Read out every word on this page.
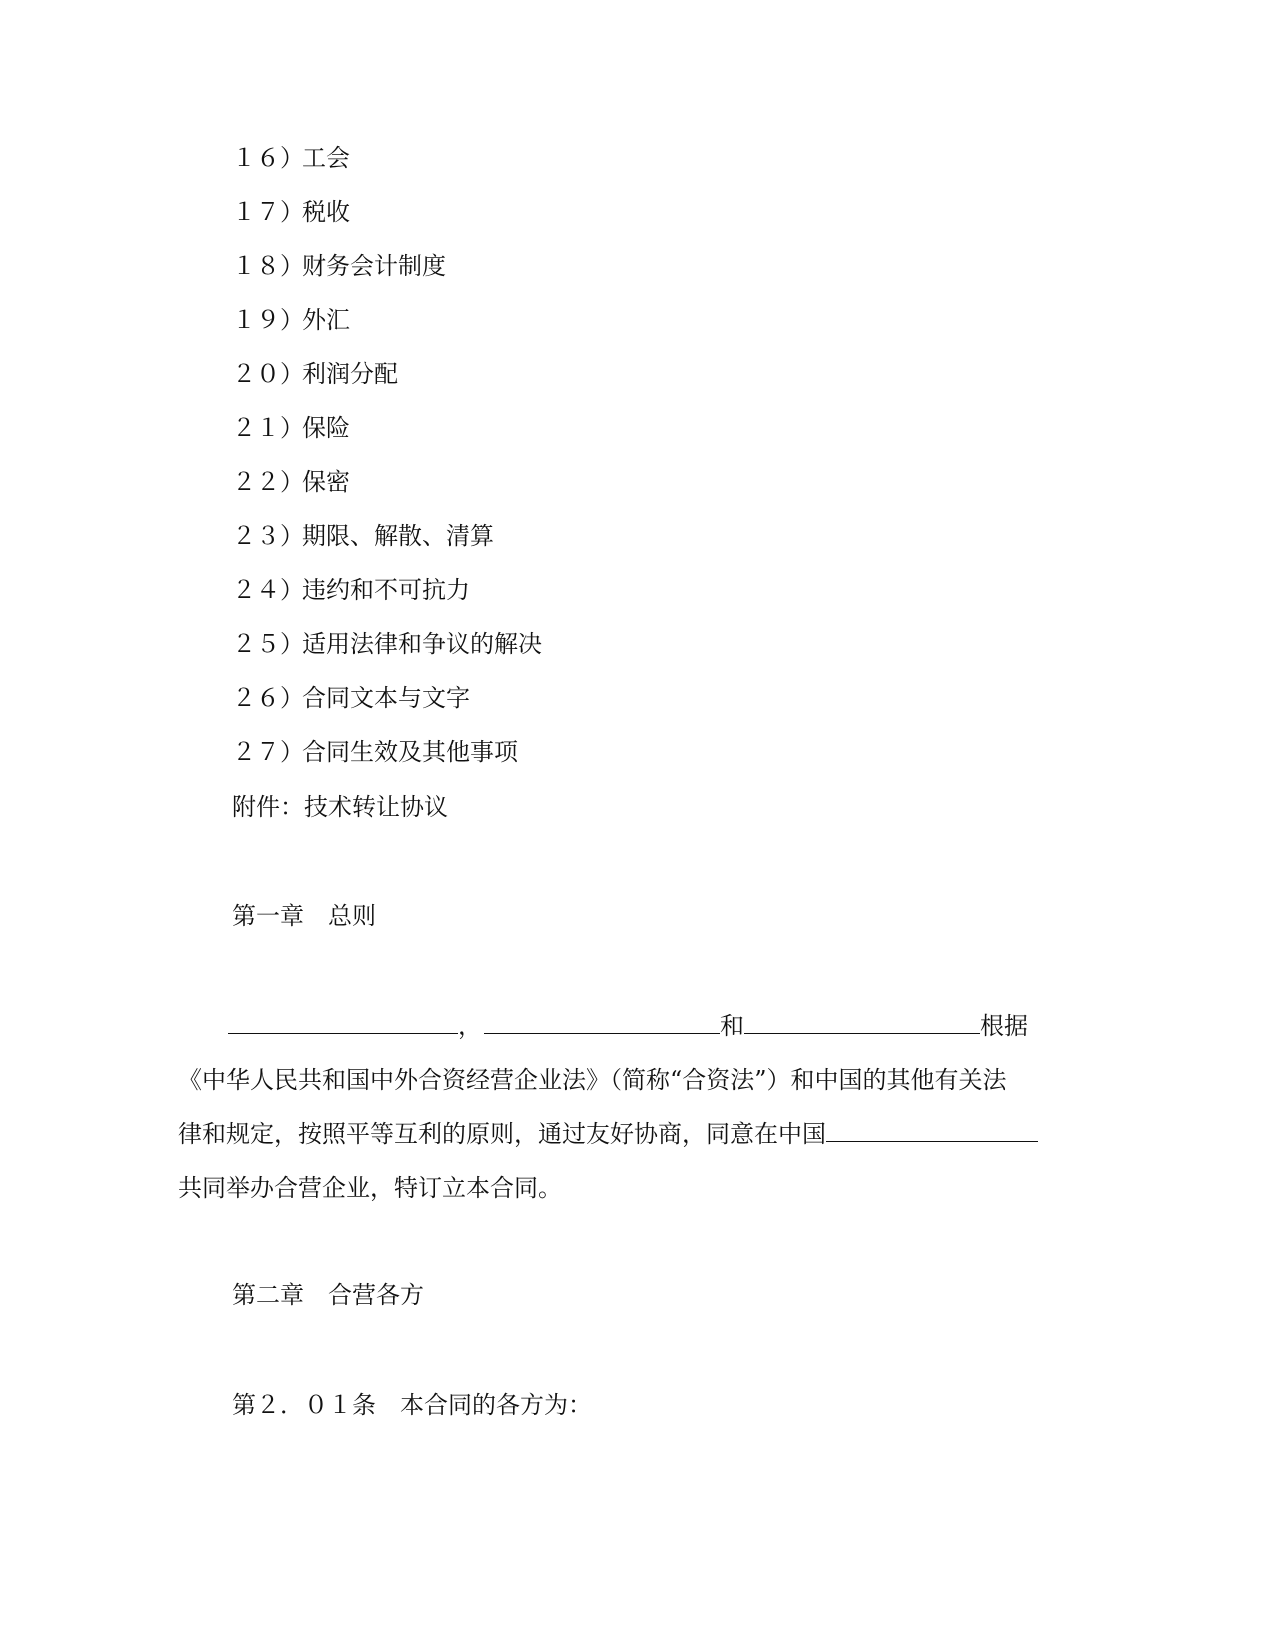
１６）工会
１７）税收
１８）财务会计制度
１９）外汇
２０）利润分配
２１）保险
２２）保密
２３）期限、解散、清算
２４）违约和不可抗力
２５）适用法律和争议的解决
２６）合同文本与文字
２７）合同生效及其他事项
附件：技术转让协议
第一章 总则
，	和	根据
《中华人民共和国中外合资经营企业法》（简称“合资法”）和中国的其他有关法
律和规定，按照平等互利的原则，通过友好协商，同意在中国
共同举办合营企业，特订立本合同。
第二章 合营各方
第２．０１条 本合同的各方为：
